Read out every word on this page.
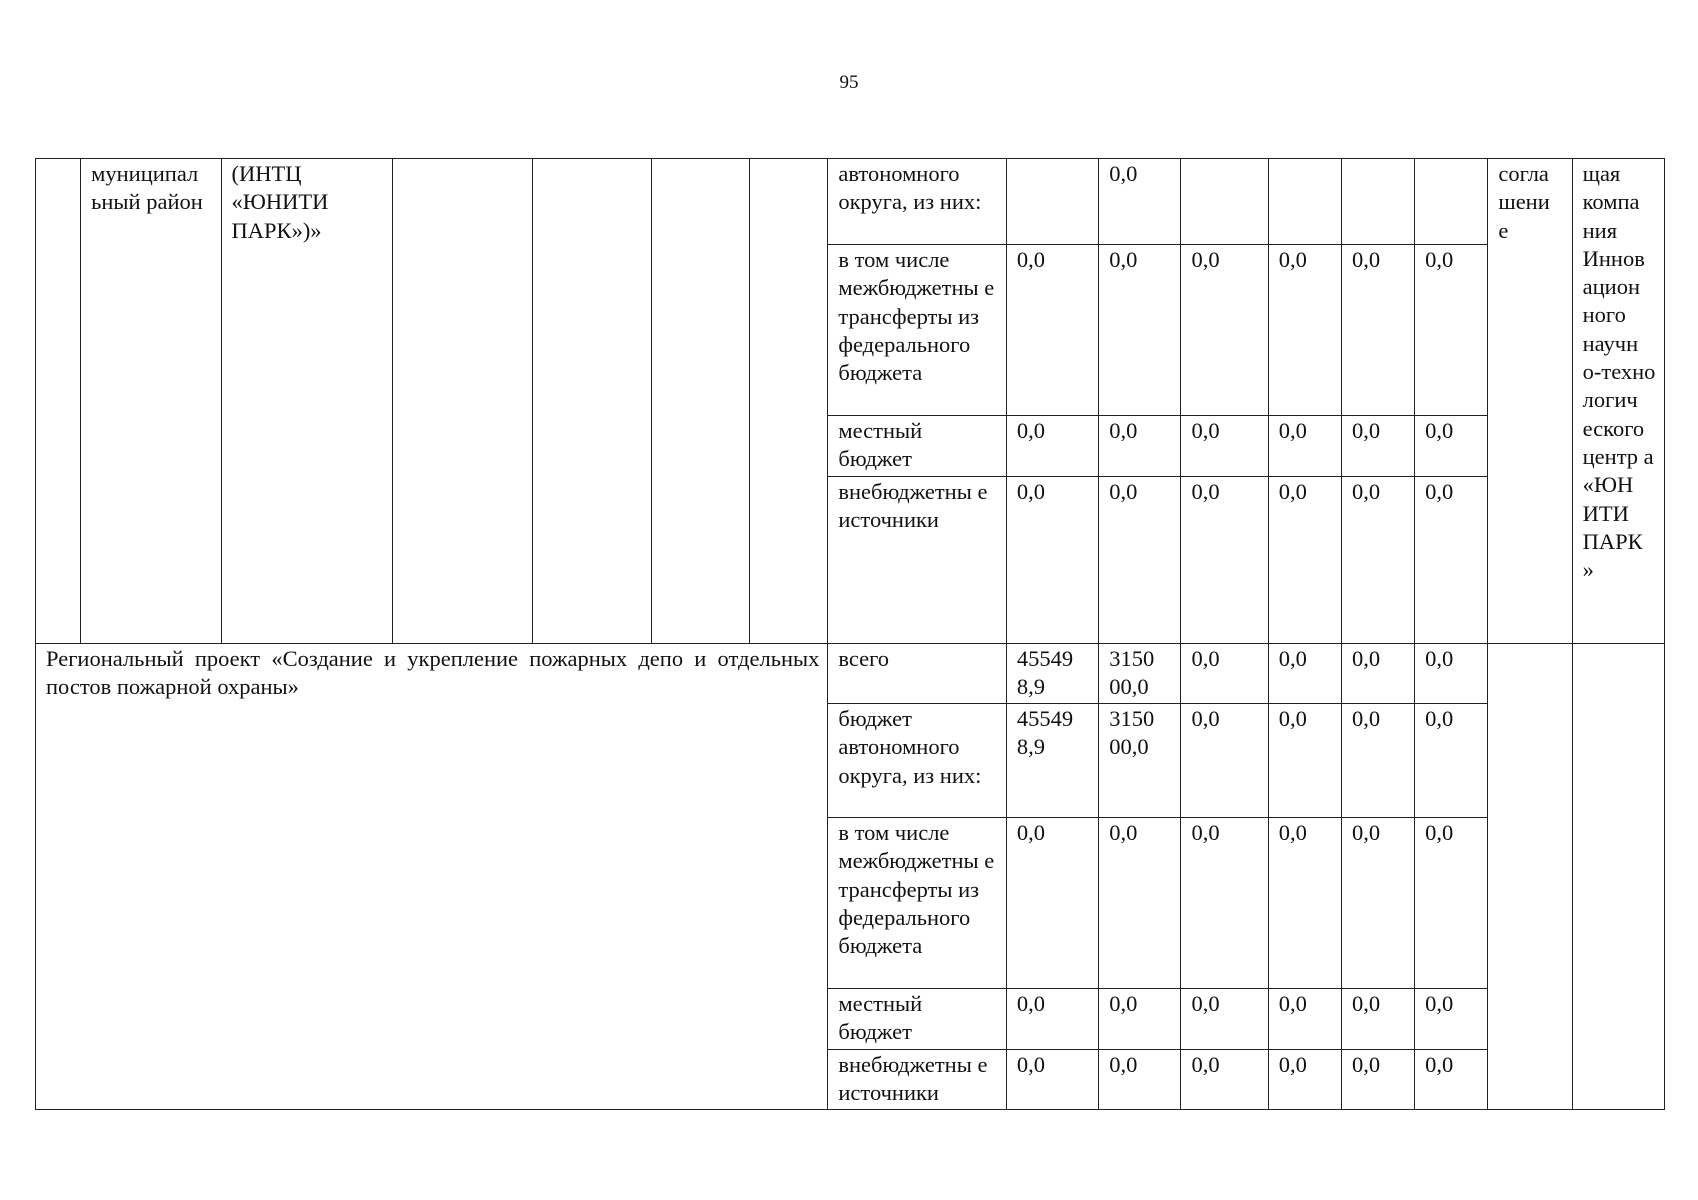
95
	муниципал ьный район	(ИНТЦ «ЮНИТИ ПАРК»)»					автономного округа, из них:		0,0					согла шени е	щая компа ния Иннов ацион ного научн о-техно логич еского центр а «ЮН ИТИ ПАРК »
							в том числе межбюджетны е трансферты из федерального бюджета	0,0	0,0	0,0	0,0	0,0	0,0		
							местный бюджет	0,0	0,0	0,0	0,0	0,0	0,0		
							внебюджетны е источники	0,0	0,0	0,0	0,0	0,0	0,0		
Региональный проект «Создание и укрепление пожарных депо и отдельных постов пожарной охраны»							всего	45549 8,9	3150 00,0	0,0	0,0	0,0	0,0		
							бюджет автономного округа, из них:	45549 8,9	3150 00,0	0,0	0,0	0,0	0,0		
							в том числе межбюджетны е трансферты из федерального бюджета	0,0	0,0	0,0	0,0	0,0	0,0		
							местный бюджет	0,0	0,0	0,0	0,0	0,0	0,0		
							внебюджетны е источники	0,0	0,0	0,0	0,0	0,0	0,0		
